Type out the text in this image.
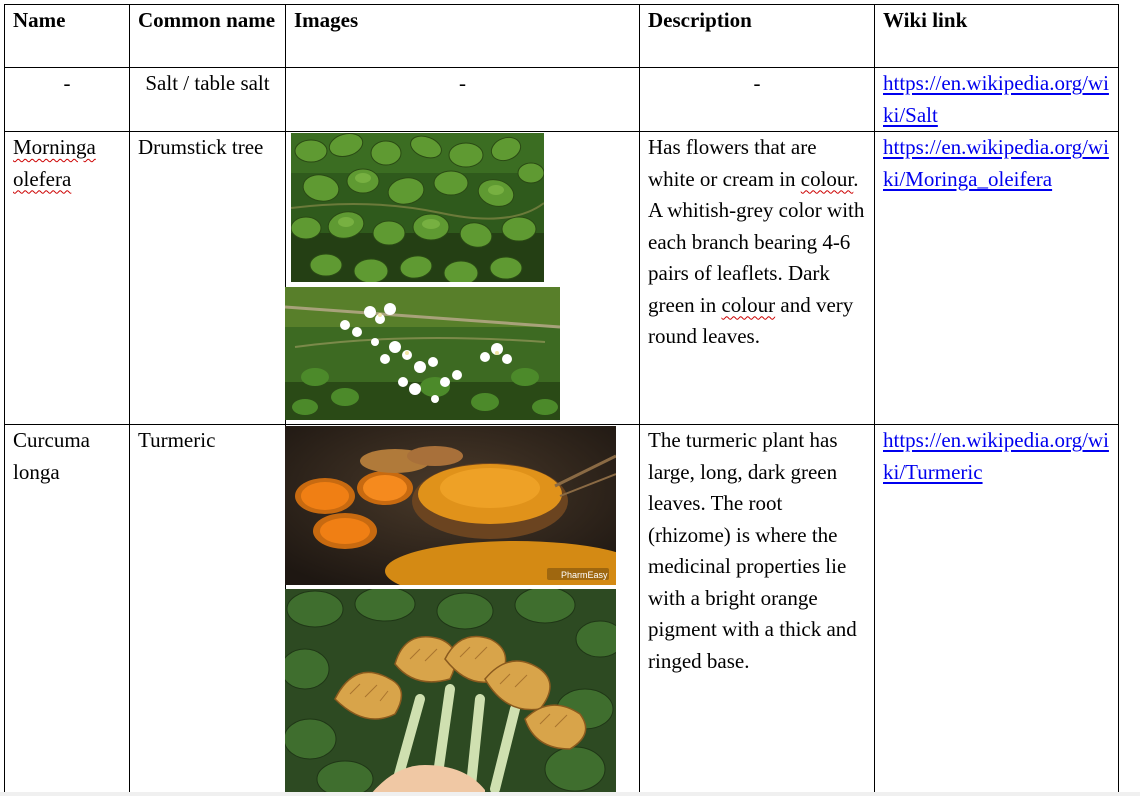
Name	Common name	Images	Description	Wiki link
-	Salt / table salt	-	-	https://en.wikipedia.org/wiki/Salt
Morninga olefera	Drumstick tree		Has flowers that are white or cream in colour. A whitish-grey color with each branch bearing 4-6 pairs of leaflets. Dark green in colour and very round leaves.	https://en.wikipedia.org/wiki/Moringa_oleifera
Curcuma longa	Turmeric	PharmEasy	The turmeric plant has large, long, dark green leaves. The root (rhizome) is where the medicinal properties lie with a bright orange pigment with a thick and ringed base.	https://en.wikipedia.org/wiki/Turmeric
